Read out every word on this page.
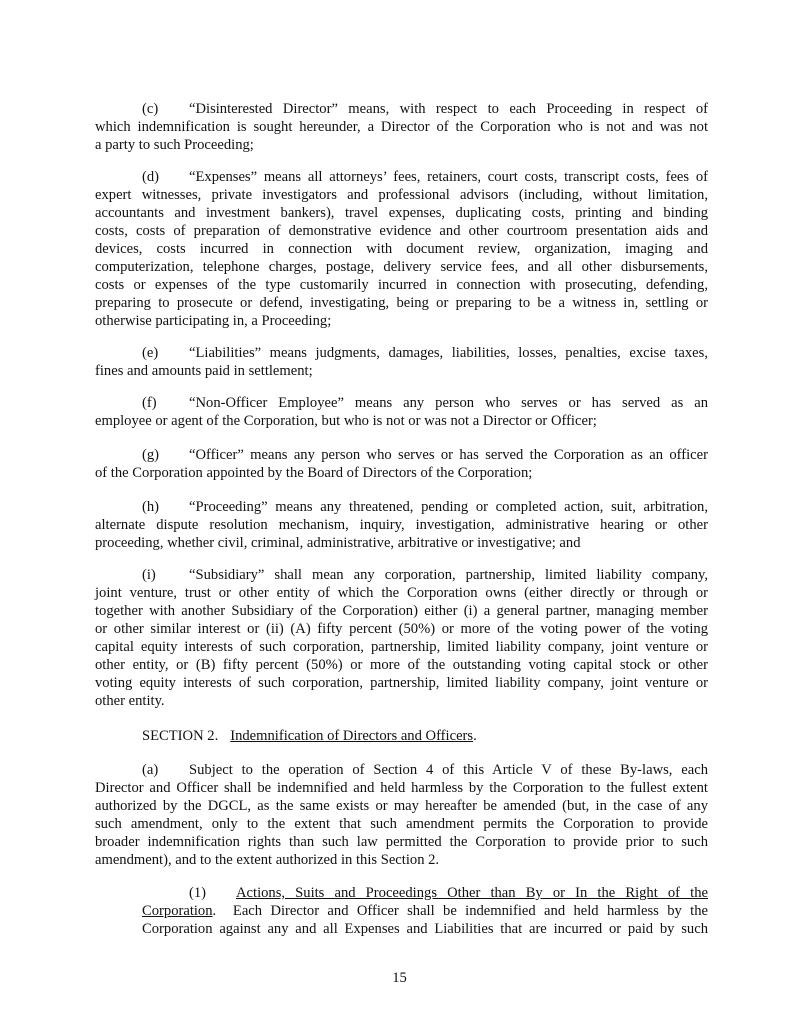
(c) “Disinterested Director” means, with respect to each Proceeding in respect of
which indemnification is sought hereunder, a Director of the Corporation who is not and was not
a party to such Proceeding;
(d) “Expenses” means all attorneys’ fees, retainers, court costs, transcript costs, fees of
expert witnesses, private investigators and professional advisors (including, without limitation,
accountants and investment bankers), travel expenses, duplicating costs, printing and binding
costs, costs of preparation of demonstrative evidence and other courtroom presentation aids and
devices, costs incurred in connection with document review, organization, imaging and
computerization, telephone charges, postage, delivery service fees, and all other disbursements,
costs or expenses of the type customarily incurred in connection with prosecuting, defending,
preparing to prosecute or defend, investigating, being or preparing to be a witness in, settling or
otherwise participating in, a Proceeding;
(e) “Liabilities” means judgments, damages, liabilities, losses, penalties, excise taxes,
fines and amounts paid in settlement;
(f) “Non-Officer Employee” means any person who serves or has served as an
employee or agent of the Corporation, but who is not or was not a Director or Officer;
(g) “Officer” means any person who serves or has served the Corporation as an officer
of the Corporation appointed by the Board of Directors of the Corporation;
(h) “Proceeding” means any threatened, pending or completed action, suit, arbitration,
alternate dispute resolution mechanism, inquiry, investigation, administrative hearing or other
proceeding, whether civil, criminal, administrative, arbitrative or investigative; and
(i) “Subsidiary” shall mean any corporation, partnership, limited liability company,
joint venture, trust or other entity of which the Corporation owns (either directly or through or
together with another Subsidiary of the Corporation) either (i) a general partner, managing member
or other similar interest or (ii) (A) fifty percent (50%) or more of the voting power of the voting
capital equity interests of such corporation, partnership, limited liability company, joint venture or
other entity, or (B) fifty percent (50%) or more of the outstanding voting capital stock or other
voting equity interests of such corporation, partnership, limited liability company, joint venture or
other entity.
SECTION 2. Indemnification of Directors and Officers.
(a) Subject to the operation of Section 4 of this Article V of these By-laws, each
Director and Officer shall be indemnified and held harmless by the Corporation to the fullest extent
authorized by the DGCL, as the same exists or may hereafter be amended (but, in the case of any
such amendment, only to the extent that such amendment permits the Corporation to provide
broader indemnification rights than such law permitted the Corporation to provide prior to such
amendment), and to the extent authorized in this Section 2.
(1) Actions, Suits and Proceedings Other than By or In the Right of the
Corporation.  Each Director and Officer shall be indemnified and held harmless by the
Corporation against any and all Expenses and Liabilities that are incurred or paid by such
15
